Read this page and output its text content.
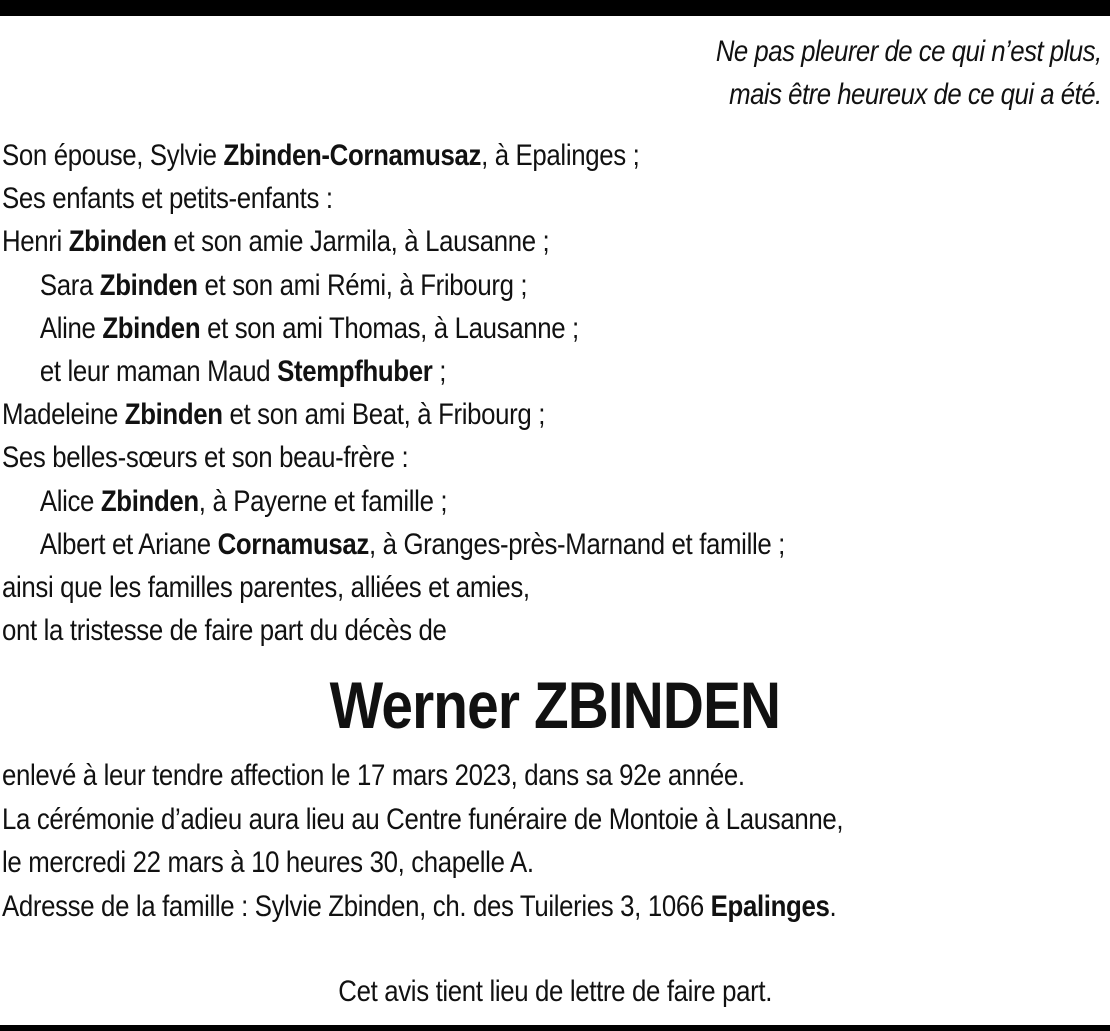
Ne pas pleurer de ce qui n’est plus,
mais être heureux de ce qui a été.
Son épouse, Sylvie Zbinden-Cornamusaz, à Epalinges ;
Ses enfants et petits-enfants :
Henri Zbinden et son amie Jarmila, à Lausanne ;
Sara Zbinden et son ami Rémi, à Fribourg ;
Aline Zbinden et son ami Thomas, à Lausanne ;
et leur maman Maud Stempfhuber ;
Madeleine Zbinden et son ami Beat, à Fribourg ;
Ses belles-sœurs et son beau-frère :
Alice Zbinden, à Payerne et famille ;
Albert et Ariane Cornamusaz, à Granges-près-Marnand et famille ;
ainsi que les familles parentes, alliées et amies,
ont la tristesse de faire part du décès de
Werner ZBINDEN
enlevé à leur tendre affection le 17 mars 2023, dans sa 92e année.
La cérémonie d’adieu aura lieu au Centre funéraire de Montoie à Lausanne,
le mercredi 22 mars à 10 heures 30, chapelle A.
Adresse de la famille : Sylvie Zbinden, ch. des Tuileries 3, 1066 Epalinges.
Cet avis tient lieu de lettre de faire part.
